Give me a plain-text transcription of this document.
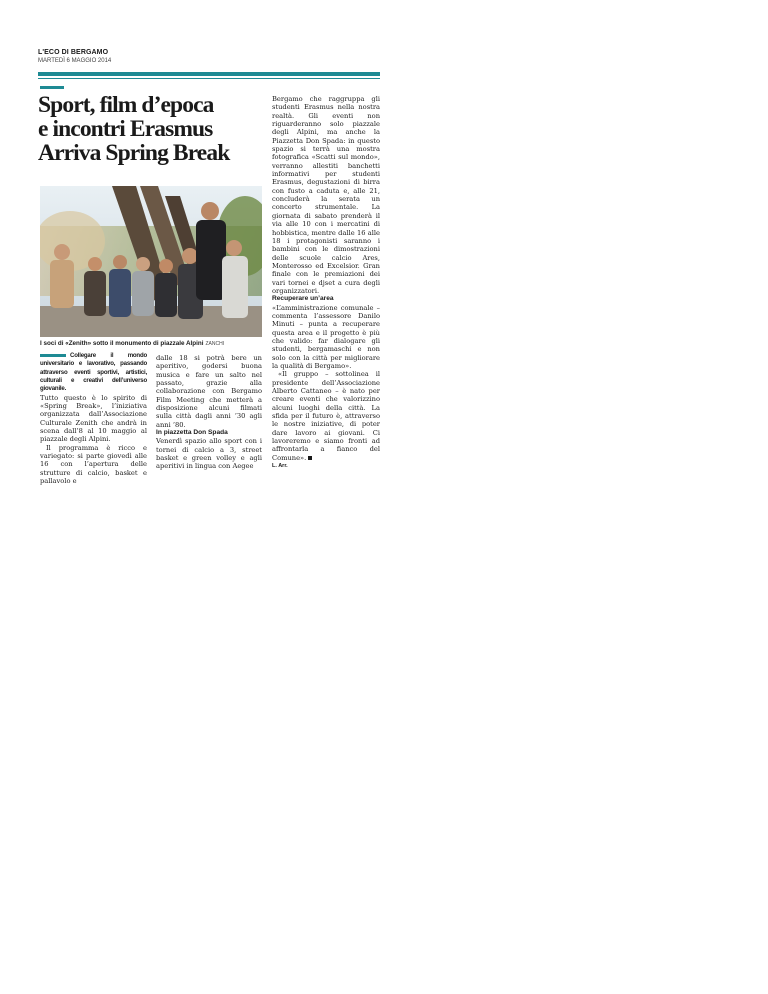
L'ECO DI BERGAMO
MARTEDÌ 6 MAGGIO 2014
Sport, film d’epoca
e incontri Erasmus
Arriva Spring Break
I soci di «Zenith» sotto il monumento di piazzale Alpini ZANCHI

Collegare il mondo universitario e lavorativo, passando attraverso eventi sportivi, artistici, culturali e creativi dell’universo giovanile.

Tutto questo è lo spirito di «Spring Break», l’iniziativa organizzata dall’Associazione Culturale Zenith che andrà in scena dall’8 al 10 maggio al piazzale degli Alpini.

Il programma è ricco e variegato: si parte giovedì alle 16 con l’apertura delle strutture di calcio, basket e pallavolo e

dalle 18 si potrà bere un aperitivo, godersi buona musica e fare un salto nel passato, grazie alla collaborazione con Bergamo Film Meeting che metterà a disposizione alcuni filmati sulla città dagli anni ’30 agli anni ’80.

In piazzetta Don Spada

Venerdì spazio allo sport con i tornei di calcio a 3, street basket e green volley e agli aperitivi in lingua con Aegee

Bergamo che raggruppa gli studenti Erasmus nella nostra realtà. Gli eventi non riguarderanno solo piazzale degli Alpini, ma anche la Piazzetta Don Spada: in questo spazio si terrà una mostra fotografica «Scatti sul mondo», verranno allestiti banchetti informativi per studenti Erasmus, degustazioni di birra con fusto a caduta e, alle 21, concluderà la serata un concerto strumentale. La giornata di sabato prenderà il via alle 10 con i mercatini di hobbistica, mentre dalle 16 alle 18 i protagonisti saranno i bambini con le dimostrazioni delle scuole calcio Ares, Monterosso ed Excelsior. Gran finale con le premiazioni dei vari tornei e djset a cura degli organizzatori.

Recuperare un’area

«L’amministrazione comunale – commenta l’assessore Danilo Minuti – punta a recuperare questa area e il progetto è più che valido: far dialogare gli studenti, bergamaschi e non solo con la città per migliorare la qualità di Bergamo».

«Il gruppo – sottolinea il presidente dell’Associazione Alberto Cattaneo – è nato per creare eventi che valorizzino alcuni luoghi della città. La sfida per il futuro è, attraverso le nostre iniziative, di poter dare lavoro ai giovani. Ci lavoreremo e siamo fronti ad affrontarla a fianco del Comune».

L. Arr.
